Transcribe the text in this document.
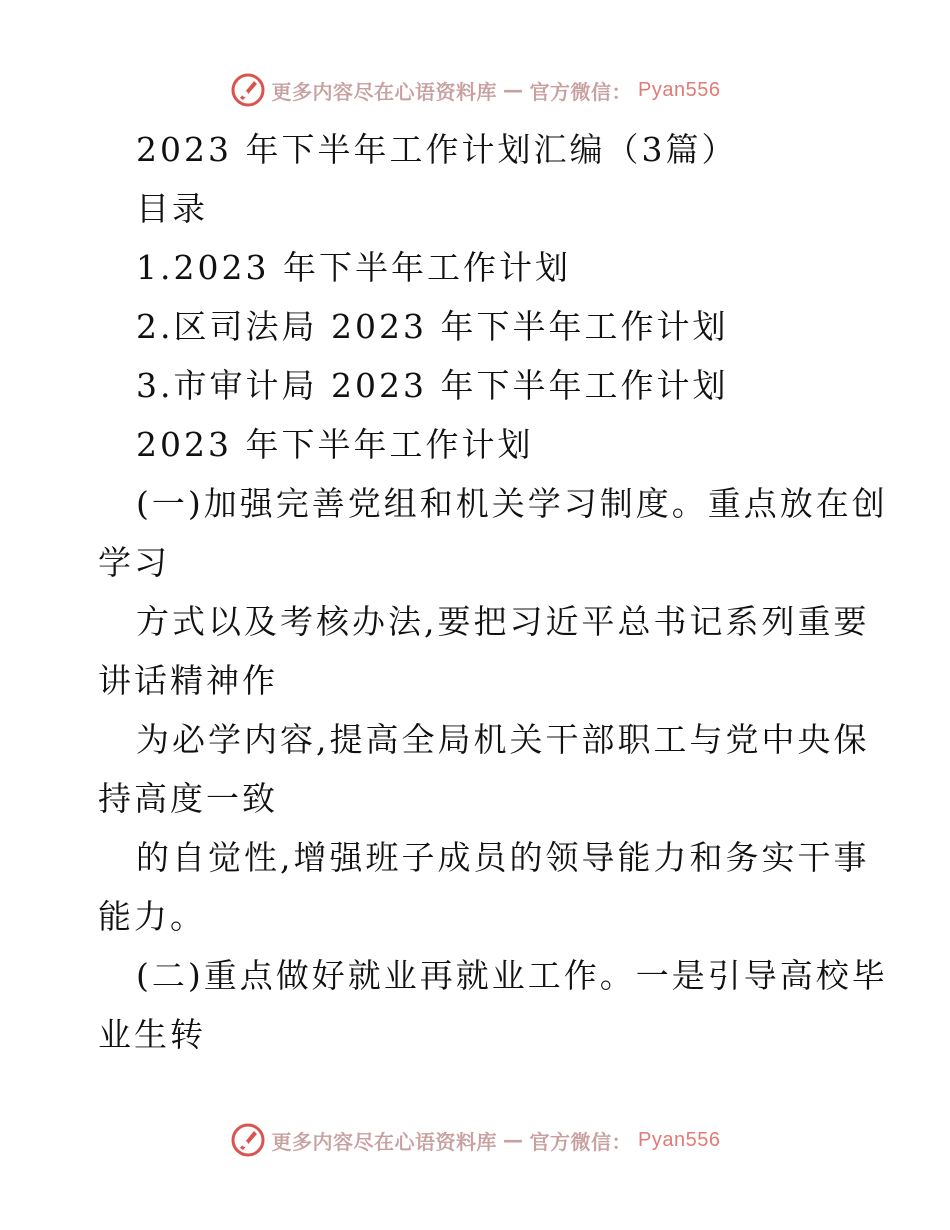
更多内容尽在心语资料库 — 官方微信： Pyan556
2023 年下半年工作计划汇编（3篇）
目录
1.2023 年下半年工作计划
2.区司法局 2023 年下半年工作计划
3.市审计局 2023 年下半年工作计划
2023 年下半年工作计划
(一)加强完善党组和机关学习制度。重点放在创
学习
方式以及考核办法,要把习近平总书记系列重要
讲话精神作
为必学内容,提高全局机关干部职工与党中央保
持高度一致
的自觉性,增强班子成员的领导能力和务实干事
能力。
(二)重点做好就业再就业工作。一是引导高校毕
业生转
更多内容尽在心语资料库 — 官方微信： Pyan556
